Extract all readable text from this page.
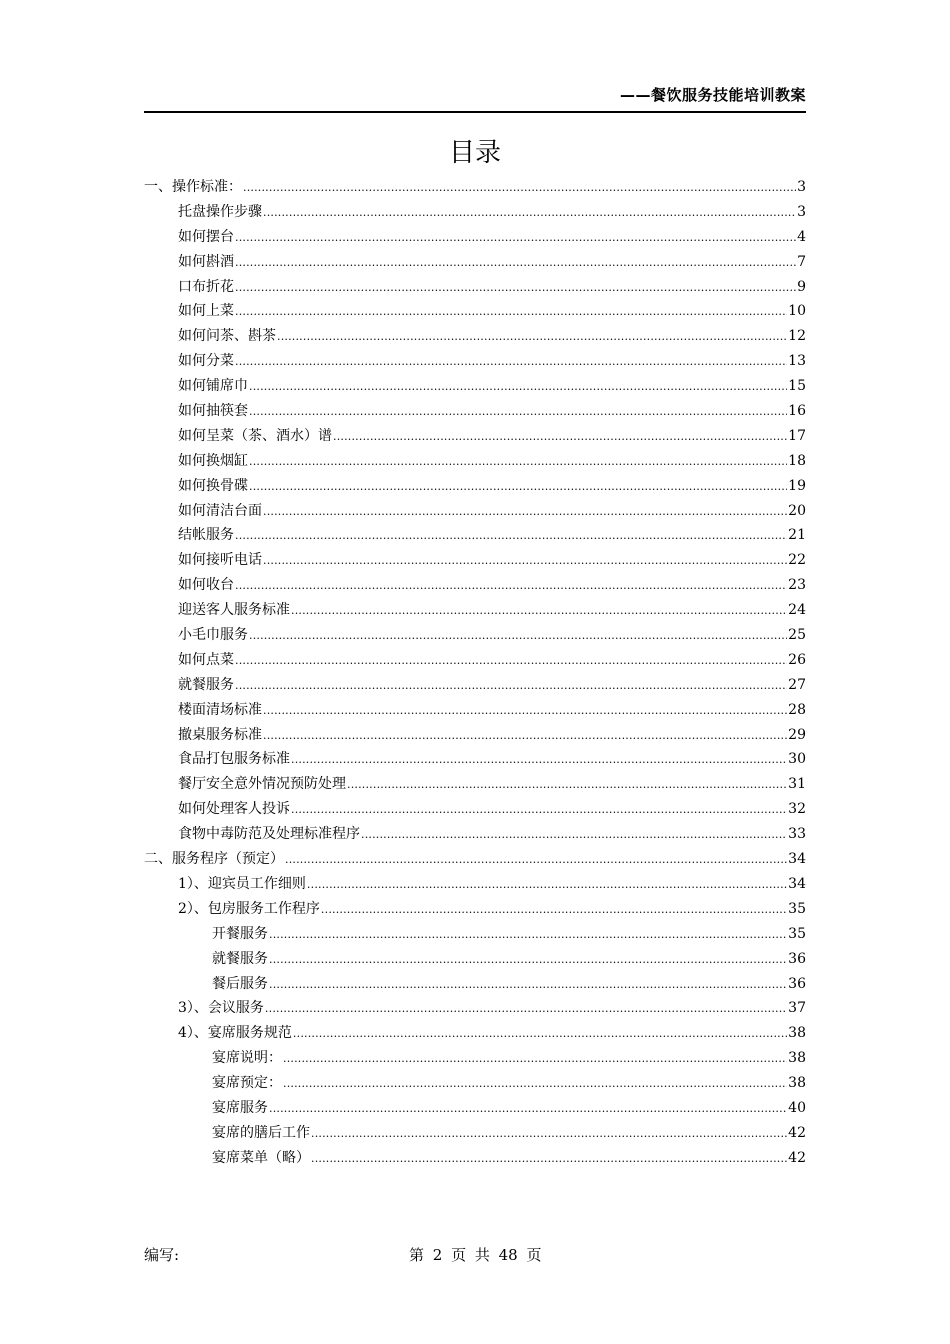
——餐饮服务技能培训教案
目录
一、操作标准： .....	3
托盘操作步骤 .....	3
如何摆台 .....	4
如何斟酒 .....	7
口布折花 .....	9
如何上菜 .....	10
如何问茶、斟茶 .....	12
如何分菜 .....	13
如何铺席巾 .....	15
如何抽筷套 .....	16
如何呈菜（茶、酒水）谱 .....	17
如何换烟缸 .....	18
如何换骨碟 .....	19
如何清洁台面 .....	20
结帐服务 .....	21
如何接听电话 .....	22
如何收台 .....	23
迎送客人服务标准 .....	24
小毛巾服务 .....	25
如何点菜 .....	26
就餐服务 .....	27
楼面清场标准 .....	28
撤桌服务标准 .....	29
食品打包服务标准 .....	30
餐厅安全意外情况预防处理 .....	31
如何处理客人投诉 .....	32
食物中毒防范及处理标准程序 .....	33
二、服务程序（预定） .....	34
1）、迎宾员工作细则 .....	34
2）、包房服务工作程序 .....	35
开餐服务 .....	35
就餐服务 .....	36
餐后服务 .....	36
3）、会议服务 .....	37
4）、宴席服务规范 .....	38
宴席说明： .....	38
宴席预定： .....	38
宴席服务 .....	40
宴席的膳后工作 .....	42
宴席菜单（略） .....	42
编写:	第 2 页 共 48 页
